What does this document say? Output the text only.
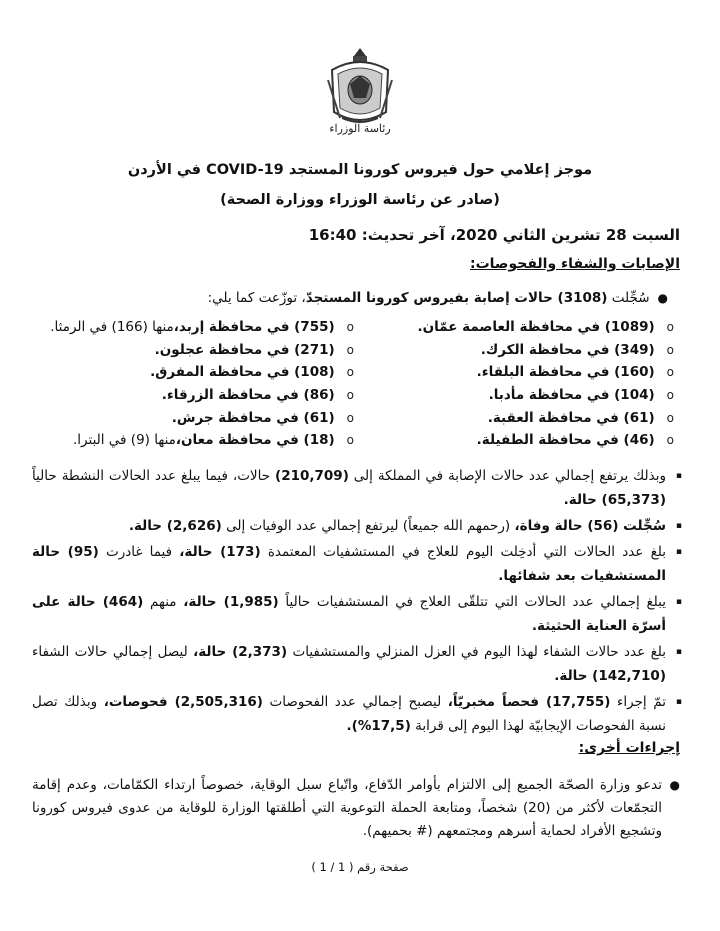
رئاسة الوزراء
موجز إعلامي حول فيروس كورونا المستجد COVID-19 في الأردن
(صادر عن رئاسة الوزراء ووزارة الصحة)
السبت 28 تشرين الثاني 2020، آخر تحديث: 16:40
الإصابات والشفاء والفحوصات:
●سُجِّلت (3108) حالات إصابة بفيروس كورونا المستجدّ، توزّعت كما يلي:
o
(1089) في محافظة العاصمة عمّان.
o
(755) في محافظة إربد،
منها (166) في الرمثا.
o
(349) في محافظة الكرك.
o
(271) في محافظة عجلون.
o
(160) في محافظة البلقاء.
o
(108) في محافظة المفرق.
o
(104) في محافظة مأدبا.
o
(86) في محافظة الزرقاء.
o
(61) في محافظة العقبة.
o
(61) في محافظة جرش.
o
(46) في محافظة الطفيلة.
o
(18) في محافظة معان،
منها (9) في البترا.
▪
وبذلك يرتفع إجمالي عدد حالات الإصابة في المملكة إلى (210,709) حالات، فيما يبلغ عدد الحالات النشطة حالياً (65,373) حالة.
▪
سُجِّلت (56) حالة وفاة، (رحمهم الله جميعاً) ليرتفع إجمالي عدد الوفيات إلى (2,626) حالة.
▪
بلغ عدد الحالات التي أدخِلت اليوم للعلاج في المستشفيات المعتمدة (173) حالة، فيما غادرت (95) حالة المستشفيات بعد شفائها.
▪
يبلغ إجمالي عدد الحالات التي تتلقّى العلاج في المستشفيات حالياً (1,985) حالة، منهم (464) حالة على أسرّة العناية الحثيثة.
▪
بلغ عدد حالات الشفاء لهذا اليوم في العزل المنزلي والمستشفيات (2,373) حالة، ليصل إجمالي حالات الشفاء (142,710) حالة.
▪
تمّ إجراء (17,755) فحصاً مخبريّاً، ليصبح إجمالي عدد الفحوصات (2,505,316) فحوصات، وبذلك تصل نسبة الفحوصات الإيجابيّة لهذا اليوم إلى قرابة (17,5%).
إجراءات أخرى:
●
تدعو وزارة الصحّة الجميع إلى الالتزام بأوامر الدّفاع، واتّباع سبل الوقاية، خصوصاً ارتداء الكمّامات، وعدم إقامة التجمّعات لأكثر من (20) شخصاً، ومتابعة الحملة التوعوية التي أطلقتها الوزارة للوقاية من عدوى فيروس كورونا وتشجيع الأفراد لحماية أسرهم ومجتمعهم (# بحميهم).
صفحة رقم ( 1 / 1 )
